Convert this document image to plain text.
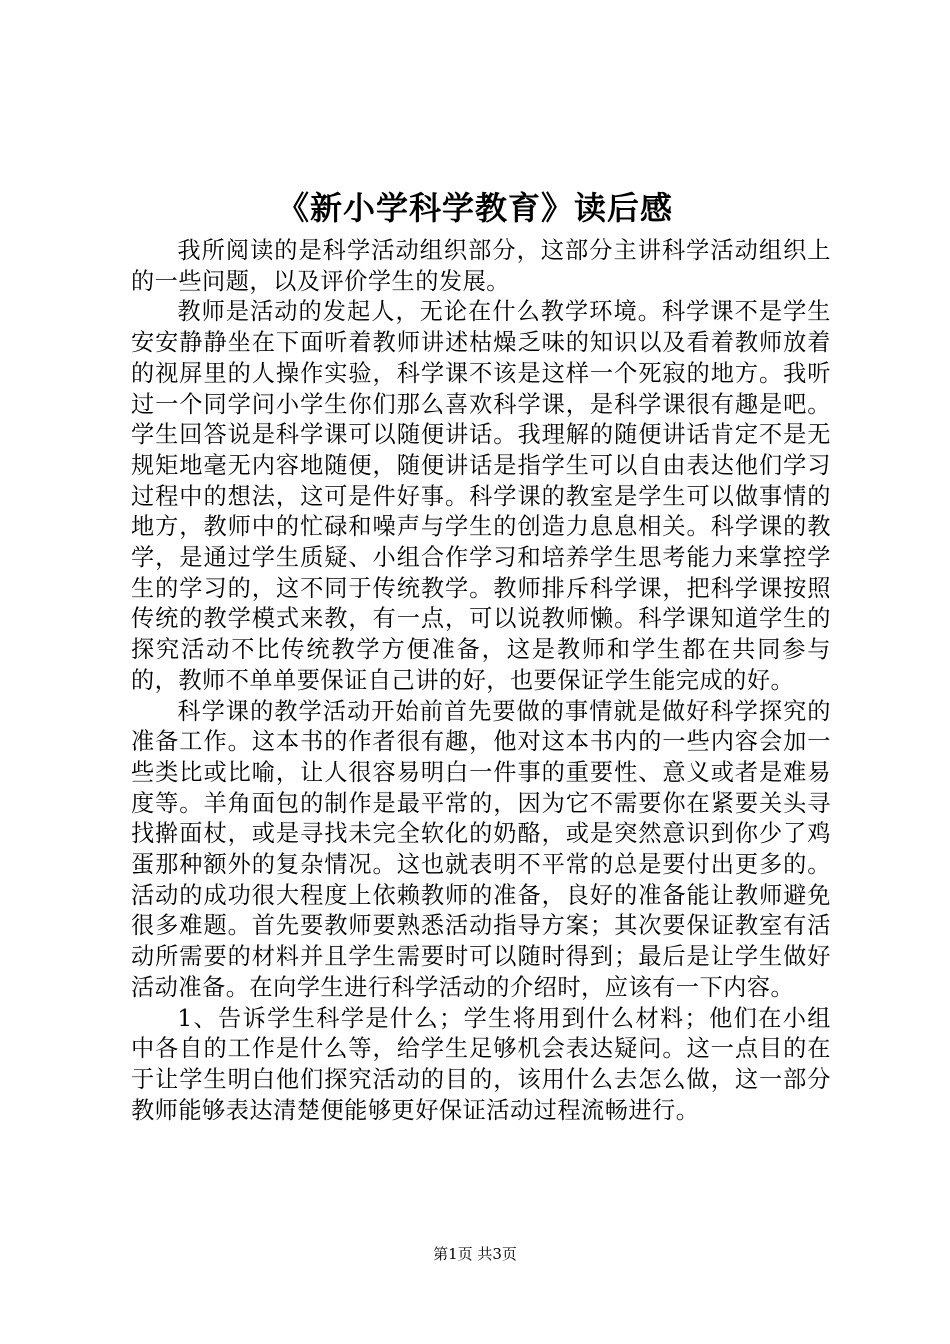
《新小学科学教育》读后感

我所阅读的是科学活动组织部分，这部分主讲科学活动组织上的一些问题，以及评价学生的发展。

教师是活动的发起人，无论在什么教学环境。科学课不是学生安安静静坐在下面听着教师讲述枯燥乏味的知识以及看着教师放着的视屏里的人操作实验，科学课不该是这样一个死寂的地方。我听过一个同学问小学生你们那么喜欢科学课，是科学课很有趣是吧。学生回答说是科学课可以随便讲话。我理解的随便讲话肯定不是无规矩地毫无内容地随便，随便讲话是指学生可以自由表达他们学习过程中的想法，这可是件好事。科学课的教室是学生可以做事情的地方，教师中的忙碌和噪声与学生的创造力息息相关。科学课的教学，是通过学生质疑、小组合作学习和培养学生思考能力来掌控学生的学习的，这不同于传统教学。教师排斥科学课，把科学课按照传统的教学模式来教，有一点，可以说教师懒。科学课知道学生的探究活动不比传统教学方便准备，这是教师和学生都在共同参与的，教师不单单要保证自己讲的好，也要保证学生能完成的好。

科学课的教学活动开始前首先要做的事情就是做好科学探究的准备工作。这本书的作者很有趣，他对这本书内的一些内容会加一些类比或比喻，让人很容易明白一件事的重要性、意义或者是难易度等。羊角面包的制作是最平常的，因为它不需要你在紧要关头寻找擀面杖，或是寻找未完全软化的奶酪，或是突然意识到你少了鸡蛋那种额外的复杂情况。这也就表明不平常的总是要付出更多的。活动的成功很大程度上依赖教师的准备，良好的准备能让教师避免很多难题。首先要教师要熟悉活动指导方案；其次要保证教室有活动所需要的材料并且学生需要时可以随时得到；最后是让学生做好活动准备。在向学生进行科学活动的介绍时，应该有一下内容。

1、告诉学生科学是什么；学生将用到什么材料；他们在小组中各自的工作是什么等，给学生足够机会表达疑问。这一点目的在于让学生明白他们探究活动的目的，该用什么去怎么做，这一部分教师能够表达清楚便能够更好保证活动过程流畅进行。

第1页 共3页
